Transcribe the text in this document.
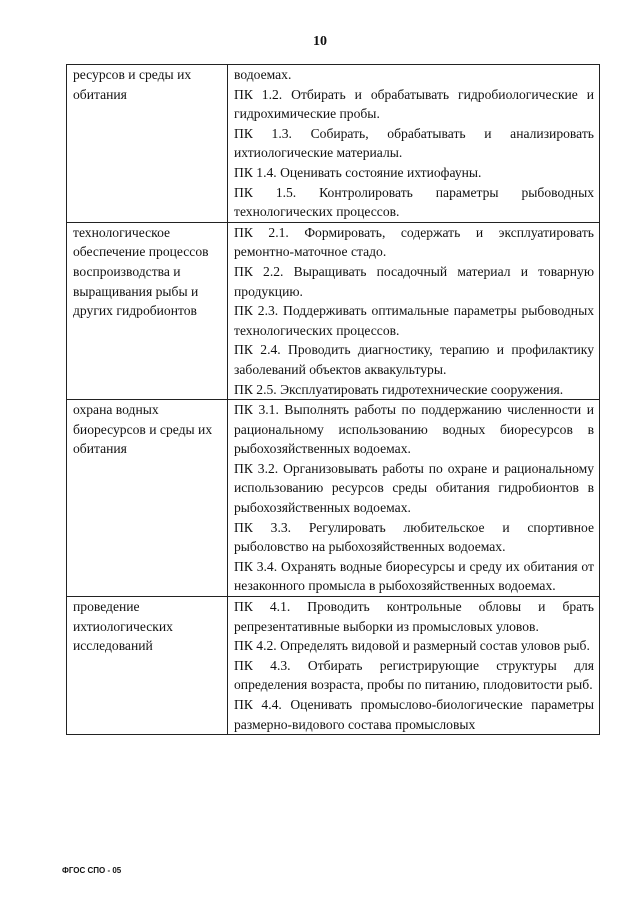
10
ресурсов и среды их обитания	водоемах.
ПК 1.2. Отбирать и обрабатывать гидробиологические и гидрохимические пробы.
ПК 1.3. Собирать, обрабатывать и анализировать ихтиологические материалы.
ПК 1.4. Оценивать состояние ихтиофауны.
ПК 1.5. Контролировать параметры рыбоводных технологических процессов.

технологическое обеспечение процессов воспроизводства и выращивания рыбы и других гидробионтов	ПК 2.1. Формировать, содержать и эксплуатировать ремонтно-маточное стадо.
ПК 2.2. Выращивать посадочный материал и товарную продукцию.
ПК 2.3. Поддерживать оптимальные параметры рыбоводных технологических процессов.
ПК 2.4. Проводить диагностику, терапию и профилактику заболеваний объектов аквакультуры.
ПК 2.5. Эксплуатировать гидротехнические сооружения.

охрана водных биоресурсов и среды их обитания	ПК 3.1. Выполнять работы по поддержанию численности и рациональному использованию водных биоресурсов в рыбохозяйственных водоемах.
ПК 3.2. Организовывать работы по охране и рациональному использованию ресурсов среды обитания гидробионтов в рыбохозяйственных водоемах.
ПК 3.3. Регулировать любительское и спортивное рыболовство на рыбохозяйственных водоемах.
ПК 3.4. Охранять водные биоресурсы и среду их обитания от незаконного промысла в рыбохозяйственных водоемах.

проведение ихтиологических исследований	ПК 4.1. Проводить контрольные обловы и брать репрезентативные выборки из промысловых уловов.
ПК 4.2. Определять видовой и размерный состав уловов рыб.
ПК 4.3. Отбирать регистрирующие структуры для определения возраста, пробы по питанию, плодовитости рыб.
ПК 4.4. Оценивать промыслово-биологические параметры размерно-видового состава промысловых
ФГОС СПО - 05
